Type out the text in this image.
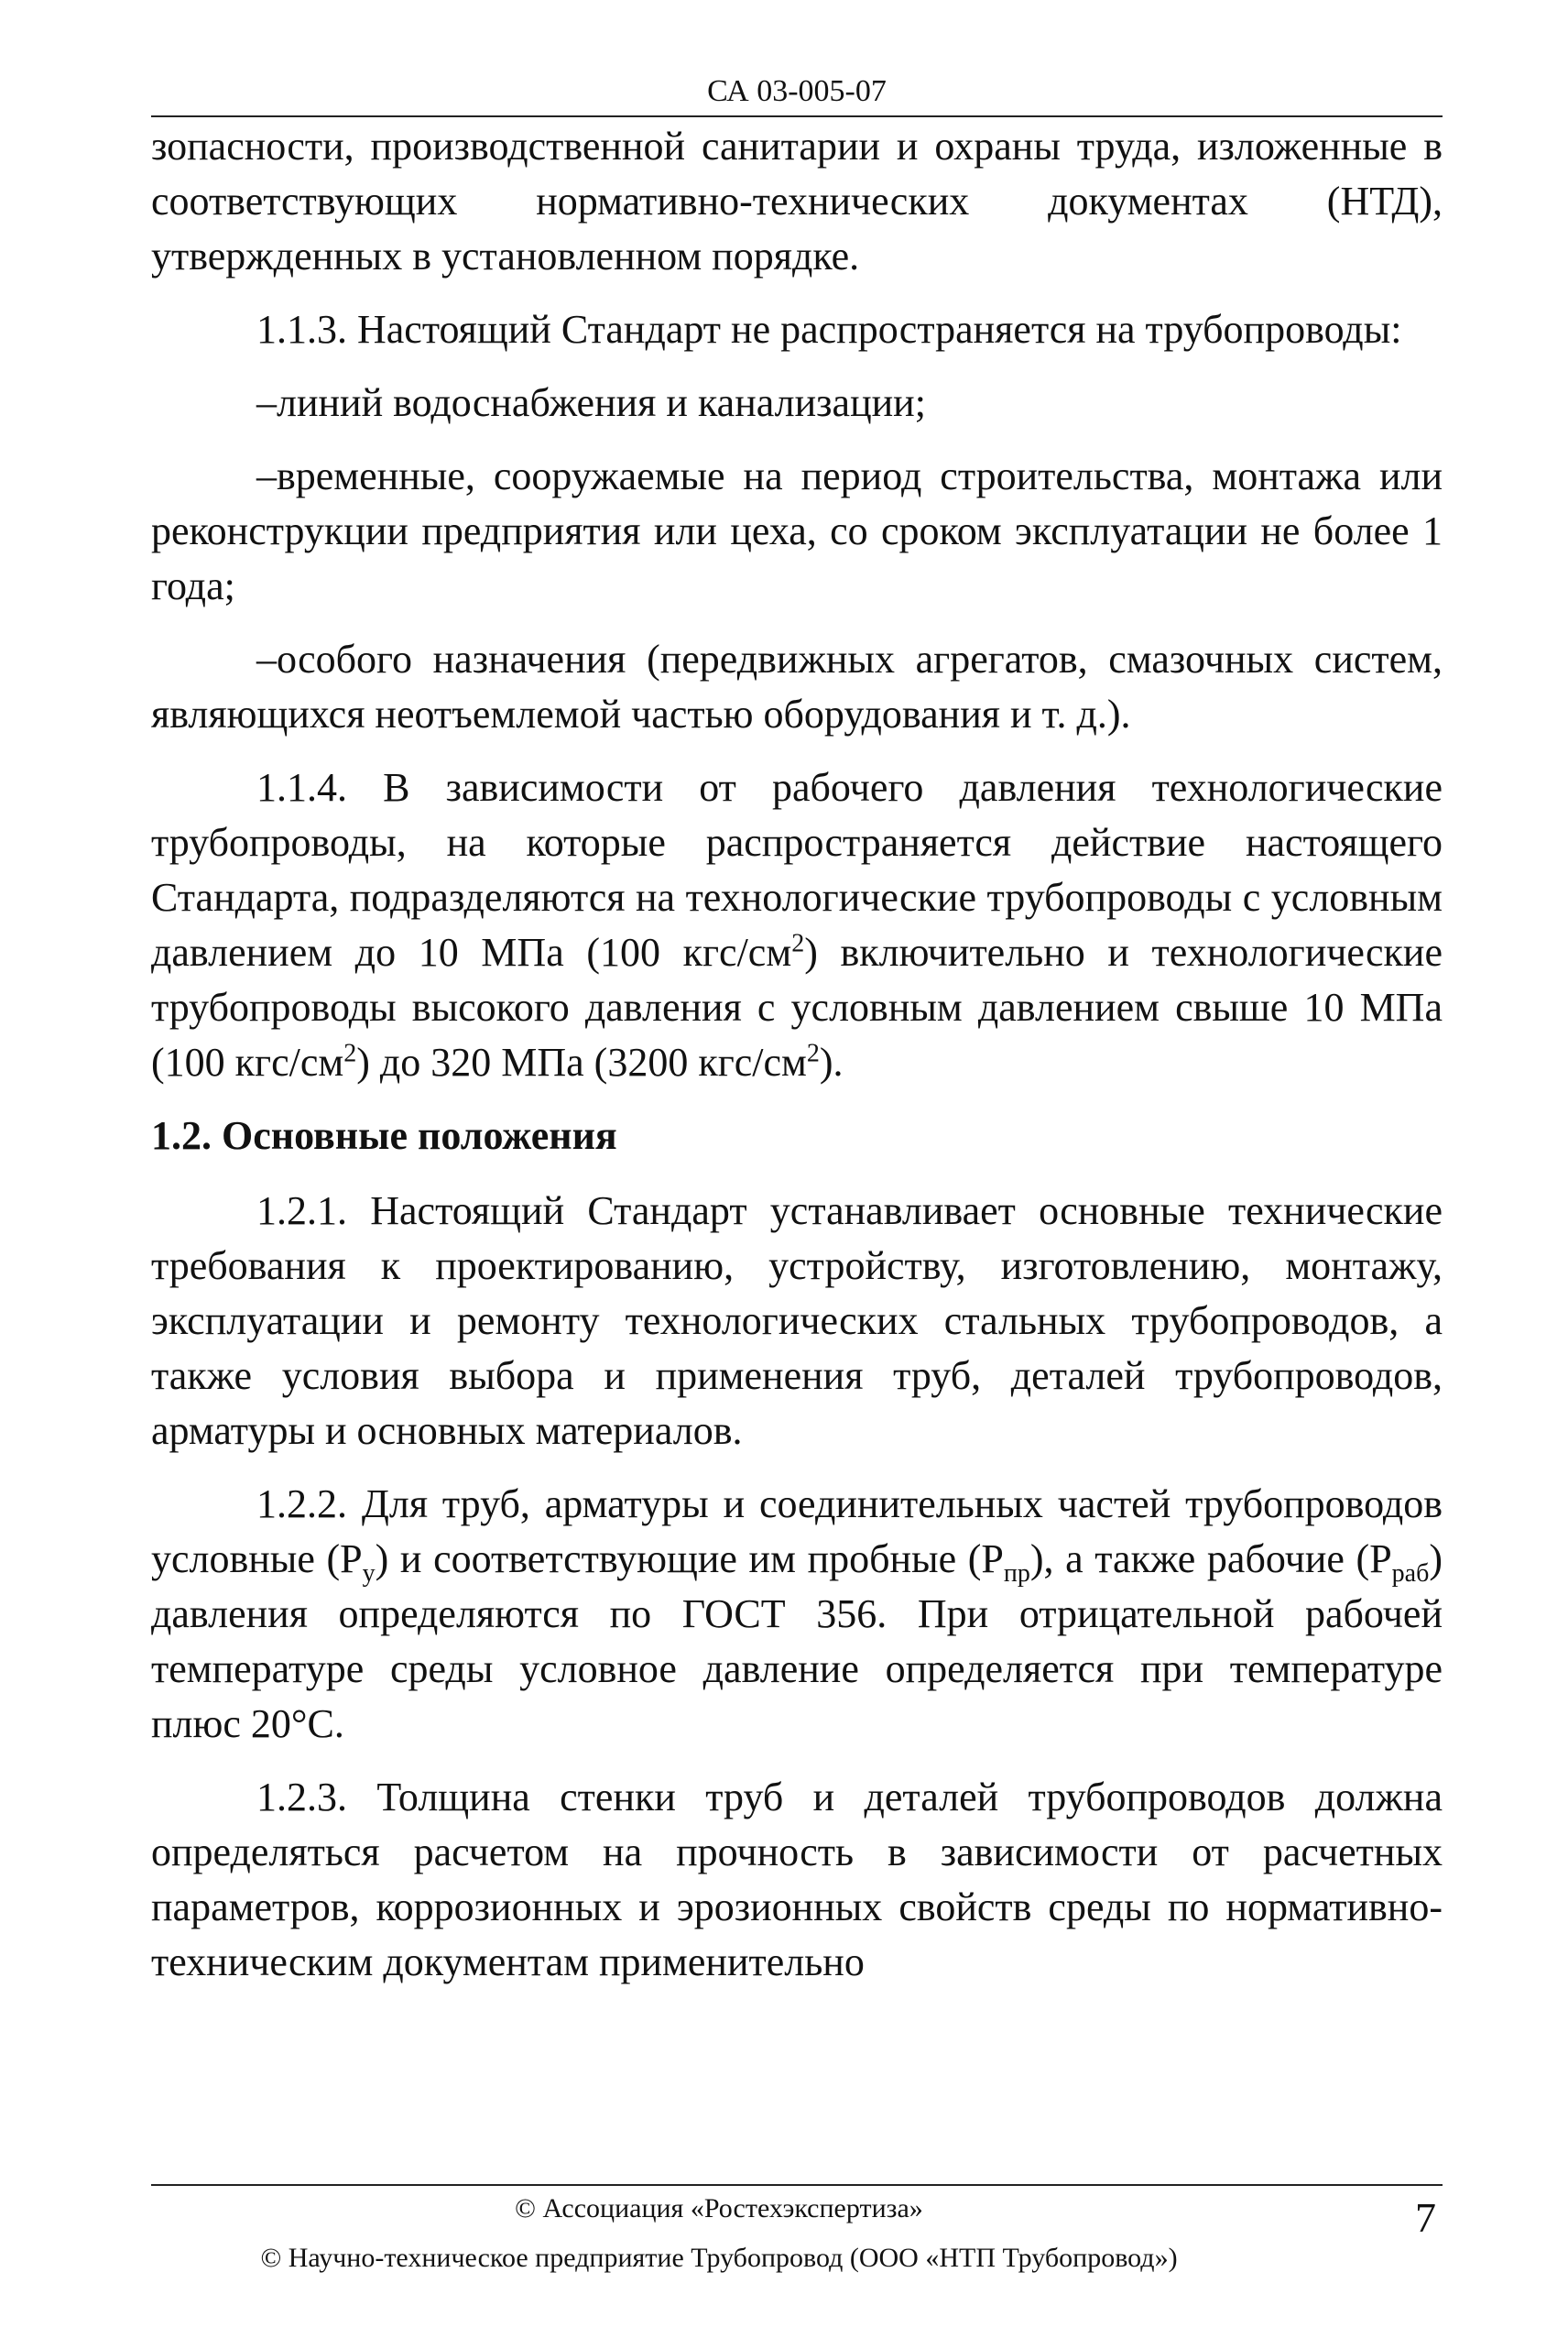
СА 03-005-07

зопасности, производственной санитарии и охраны труда, изложенные в соответствующих нормативно-технических документах (НТД), утвержденных в установленном порядке.

1.1.3. Настоящий Стандарт не распространяется на трубопроводы:

–линий водоснабжения и канализации;

–временные, сооружаемые на период строительства, монтажа или реконструкции предприятия или цеха, со сроком эксплуатации не более 1 года;

–особого назначения (передвижных агрегатов, смазочных систем, являющихся неотъемлемой частью оборудования и т. д.).

1.1.4. В зависимости от рабочего давления технологические трубопроводы, на которые распространяется действие настоящего Стандарта, подразделяются на технологические трубопроводы с условным давлением до 10 МПа (100 кгс/$см^2$) включительно и технологические трубопроводы высокого давления с условным давлением свыше 10 МПа (100 кгс/$см^2$) до 320 МПа (3200 кгс/$см^2$).

1.2. Основные положения

1.2.1. Настоящий Стандарт устанавливает основные технические требования к проектированию, устройству, изготовлению, монтажу, эксплуатации и ремонту технологических стальных трубопроводов, а также условия выбора и применения труб, деталей трубопроводов, арматуры и основных материалов.

1.2.2. Для труб, арматуры и соединительных частей трубопроводов условные $(P_у)$ и соответствующие им пробные $(P_{пр})$, а также рабочие $(P_{раб})$ давления определяются по ГОСТ 356. При отрицательной рабочей температуре среды условное давление определяется при температуре плюс 20°С.

1.2.3. Толщина стенки труб и деталей трубопроводов должна определяться расчетом на прочность в зависимости от расчетных параметров, коррозионных и эрозионных свойств среды по нормативно-техническим документам применительно

© Ассоциация «Ростехэкспертиза»
© Научно-техническое предприятие Трубопровод (ООО «НТП Трубопровод»)
7
